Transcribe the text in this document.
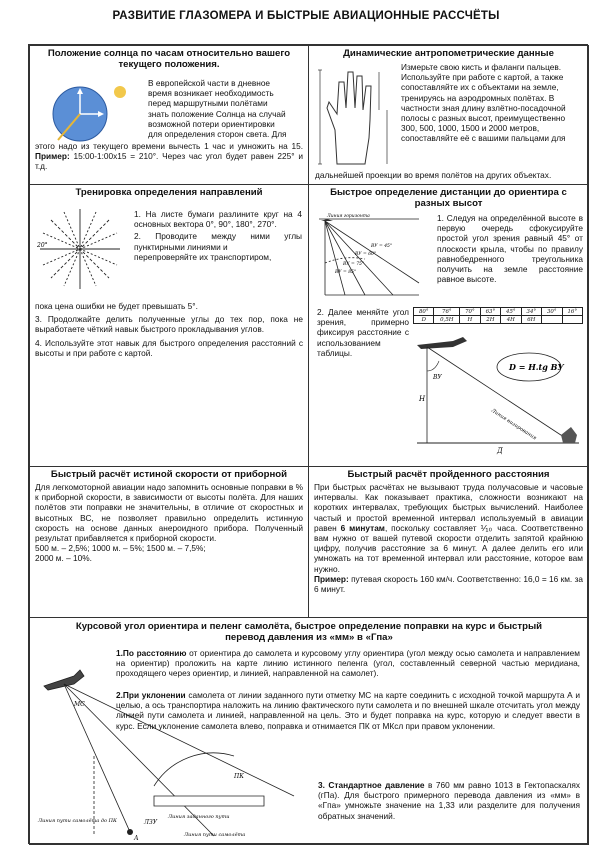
РАЗВИТИЕ ГЛАЗОМЕРА И БЫСТРЫЕ АВИАЦИОННЫЕ РАССЧЁТЫ
Положение солнца по часам относительно вашего текущего положения.

В европейской части в дневное

время возникает необходимость

перед маршрутными полётами

знать положение Солнца на случай

возможной потери ориентировки

для определения сторон света. Для

этого надо из текущего времени вычесть 1 час и умножить на 15. Пример: 15:00-1:00х15 = 210°. Через час угол будет равен 225° и т.д.
Динамические антропометрические данные

Измерьте свою кисть и фаланги пальцев.

Используйте при работе с картой, а также

сопоставляйте их с объектами на земле,

тренируясь на аэродромных полётах. В

частности зная длину взлётно-посадочной

полосы с разных высот, преимущественно

300, 500, 1000, 1500 и 2000 метров,

сопоставляйте её с вашими пальцами для

дальнейшей проекции во время полётов на других объектах.
Тренировка определения направлений
20°

1. На листе бумаги разлините круг на 4 основных вектора 0°, 90°, 180°, 270°.

2. Проводите между ними углы пунктирными линиями и

перепроверяйте их транспортиром,

пока цена ошибки не будет превышать 5°.

3. Продолжайте делить полученные углы до тех пор, пока не выработаете чёткий навык быстрого прокладывания углов.

4. Используйте этот навык для быстрого определения расстояний с высоты и при работе с картой.

Быстрое определение дистанции до ориентира с разных высот
Линия горизонта
ВУ = 85°
ВУ = 75°
ВУ = 60°
ВУ = 45°
1. Следуя на определённой высоте в первую очередь сфокусируйте простой угол зрения равный 45° от плоскости крыла, чтобы по правилу равнобедренного треугольника получить на земле расстояние равное высоте.
2. Далее меняйте угол зрения, примерно фиксируя расстояние с использованием таблицы.
80°	76°	70°	63°	45°	34°	30°	16°
D	0,5H	H	2H	4H	6H		
D = H.tg ВУ
Линия визирования
Н
ВУ
Д
Быстрый расчёт истиной скорости от приборной

Для легкомоторной авиации надо запомнить основные поправки в % к приборной скорости, в зависимости от высоты полёта. Для наших полётов эти поправки не значительны, в отличие от скоростных и высотных ВС, не позволяет правильно определить истинную скорость на основе данных анероидного прибора. Полученный результат прибавляется к приборной скорости.

500 м. – 2,5%; 1000 м. – 5%; 1500 м. – 7,5%;

2000 м. – 10%.

Быстрый расчёт пройденного расстояния

При быстрых расчётах не вызывают труда получасовые и часовые интервалы. Как показывает практика, сложности возникают на коротких интервалах, требующих быстрых вычислений. Наиболее частый и простой временной интервал используемый в авиации равен 6 минутам, поскольку составляет ⅒ часа. Соответственно вам нужно от вашей путевой скорости отделить запятой крайнюю цифру, получив расстояние за 6 минут. А далее делить его или умножать на тот временной интервал или расстояние, которое вам нужно.

Пример: путевая скорость 160 км/ч. Соответственно: 16,0 = 16 км. за 6 минут.

Курсовой угол ориентира и пеленг самолёта, быстрое определение поправки на курс и быстрый перевод давления из «мм» в «Гпа»

1.По расстоянию от ориентира до самолета и курсовому углу ориентира (угол между осью самолета и направлением на ориентир) проложить на карте линию истинного пеленга (угол, составленный северной частью меридиана, проходящего через ориентир, и линией, направленной на самолет).

ПК
ЛЗУ
Линия пути самолёта до ПК
Линия заданного пути
Линия пути самолёта
МС
А

2.При уклонении самолета от линии заданного пути отметку МС на карте соединить с исходной точкой маршрута А и целью, а ось транспортира наложить на линию фактического пути самолета и по внешней шкале отсчитать угол между линией пути самолета и линией, направленной на цель. Это и будет поправка на курс, которую и следует ввести в курс. Если уклонение самолета влево, поправка и отнимается ПК от МКсл при правом уклонении.

3. Стандартное давление в 760 мм равно 1013 в Гектопаскалях (гПа). Для быстрого примерного перевода давления из «мм» в «Гпа» умножьте значение на 1,33 или разделите для получения обратных значений.
